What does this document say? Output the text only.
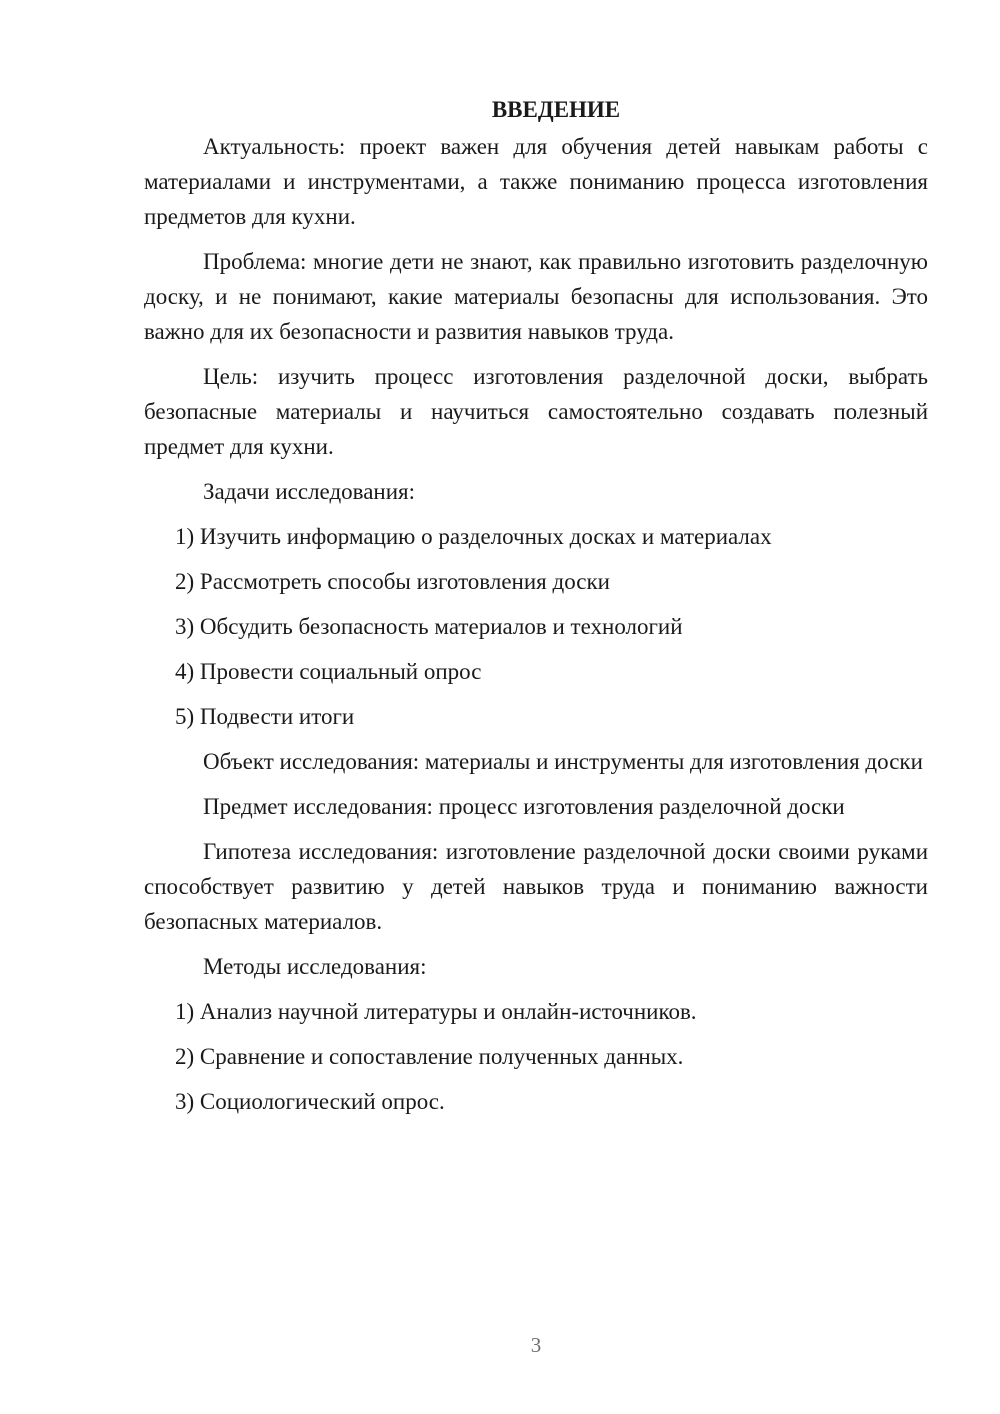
ВВЕДЕНИЕ

Актуальность: проект важен для обучения детей навыкам работы с материалами и инструментами, а также пониманию процесса изготовления предметов для кухни.

Проблема: многие дети не знают, как правильно изготовить разделочную доску, и не понимают, какие материалы безопасны для использования. Это важно для их безопасности и развития навыков труда.

Цель: изучить процесс изготовления разделочной доски, выбрать безопасные материалы и научиться самостоятельно создавать полезный предмет для кухни.

Задачи исследования:

1) Изучить информацию о разделочных досках и материалах
2) Рассмотреть способы изготовления доски
3) Обсудить безопасность материалов и технологий
4) Провести социальный опрос
5) Подвести итоги

Объект исследования: материалы и инструменты для изготовления доски

Предмет исследования: процесс изготовления разделочной доски

Гипотеза исследования: изготовление разделочной доски своими руками способствует развитию у детей навыков труда и пониманию важности безопасных материалов.

Методы исследования:

1) Анализ научной литературы и онлайн-источников.
2) Сравнение и сопоставление полученных данных.
3) Социологический опрос.
3
